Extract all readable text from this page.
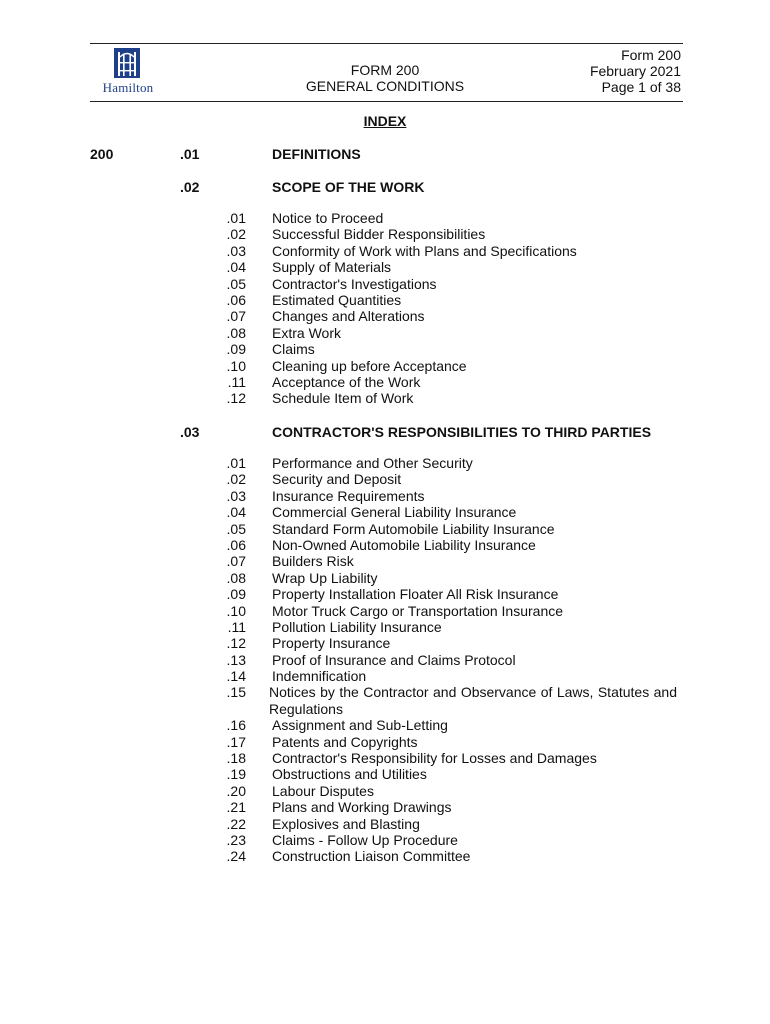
Hamilton
FORM 200
GENERAL CONDITIONS
Form 200
February 2021
Page 1 of 38
INDEX
200	.01	DEFINITIONS
.02	SCOPE OF THE WORK
.01 Notice to Proceed
.02 Successful Bidder Responsibilities
.03 Conformity of Work with Plans and Specifications
.04 Supply of Materials
.05 Contractor's Investigations
.06 Estimated Quantities
.07 Changes and Alterations
.08 Extra Work
.09 Claims
.10 Cleaning up before Acceptance
.11 Acceptance of the Work
.12 Schedule Item of Work
.03	CONTRACTOR'S RESPONSIBILITIES TO THIRD PARTIES
.01 Performance and Other Security
.02 Security and Deposit
.03 Insurance Requirements
.04 Commercial General Liability Insurance
.05 Standard Form Automobile Liability Insurance
.06 Non-Owned Automobile Liability Insurance
.07 Builders Risk
.08 Wrap Up Liability
.09 Property Installation Floater All Risk Insurance
.10 Motor Truck Cargo or Transportation Insurance
.11 Pollution Liability Insurance
.12 Property Insurance
.13 Proof of Insurance and Claims Protocol
.14 Indemnification
.15 Notices by the Contractor and Observance of Laws, Statutes and Regulations
.16 Assignment and Sub-Letting
.17 Patents and Copyrights
.18 Contractor's Responsibility for Losses and Damages
.19 Obstructions and Utilities
.20 Labour Disputes
.21 Plans and Working Drawings
.22 Explosives and Blasting
.23 Claims - Follow Up Procedure
.24 Construction Liaison Committee
